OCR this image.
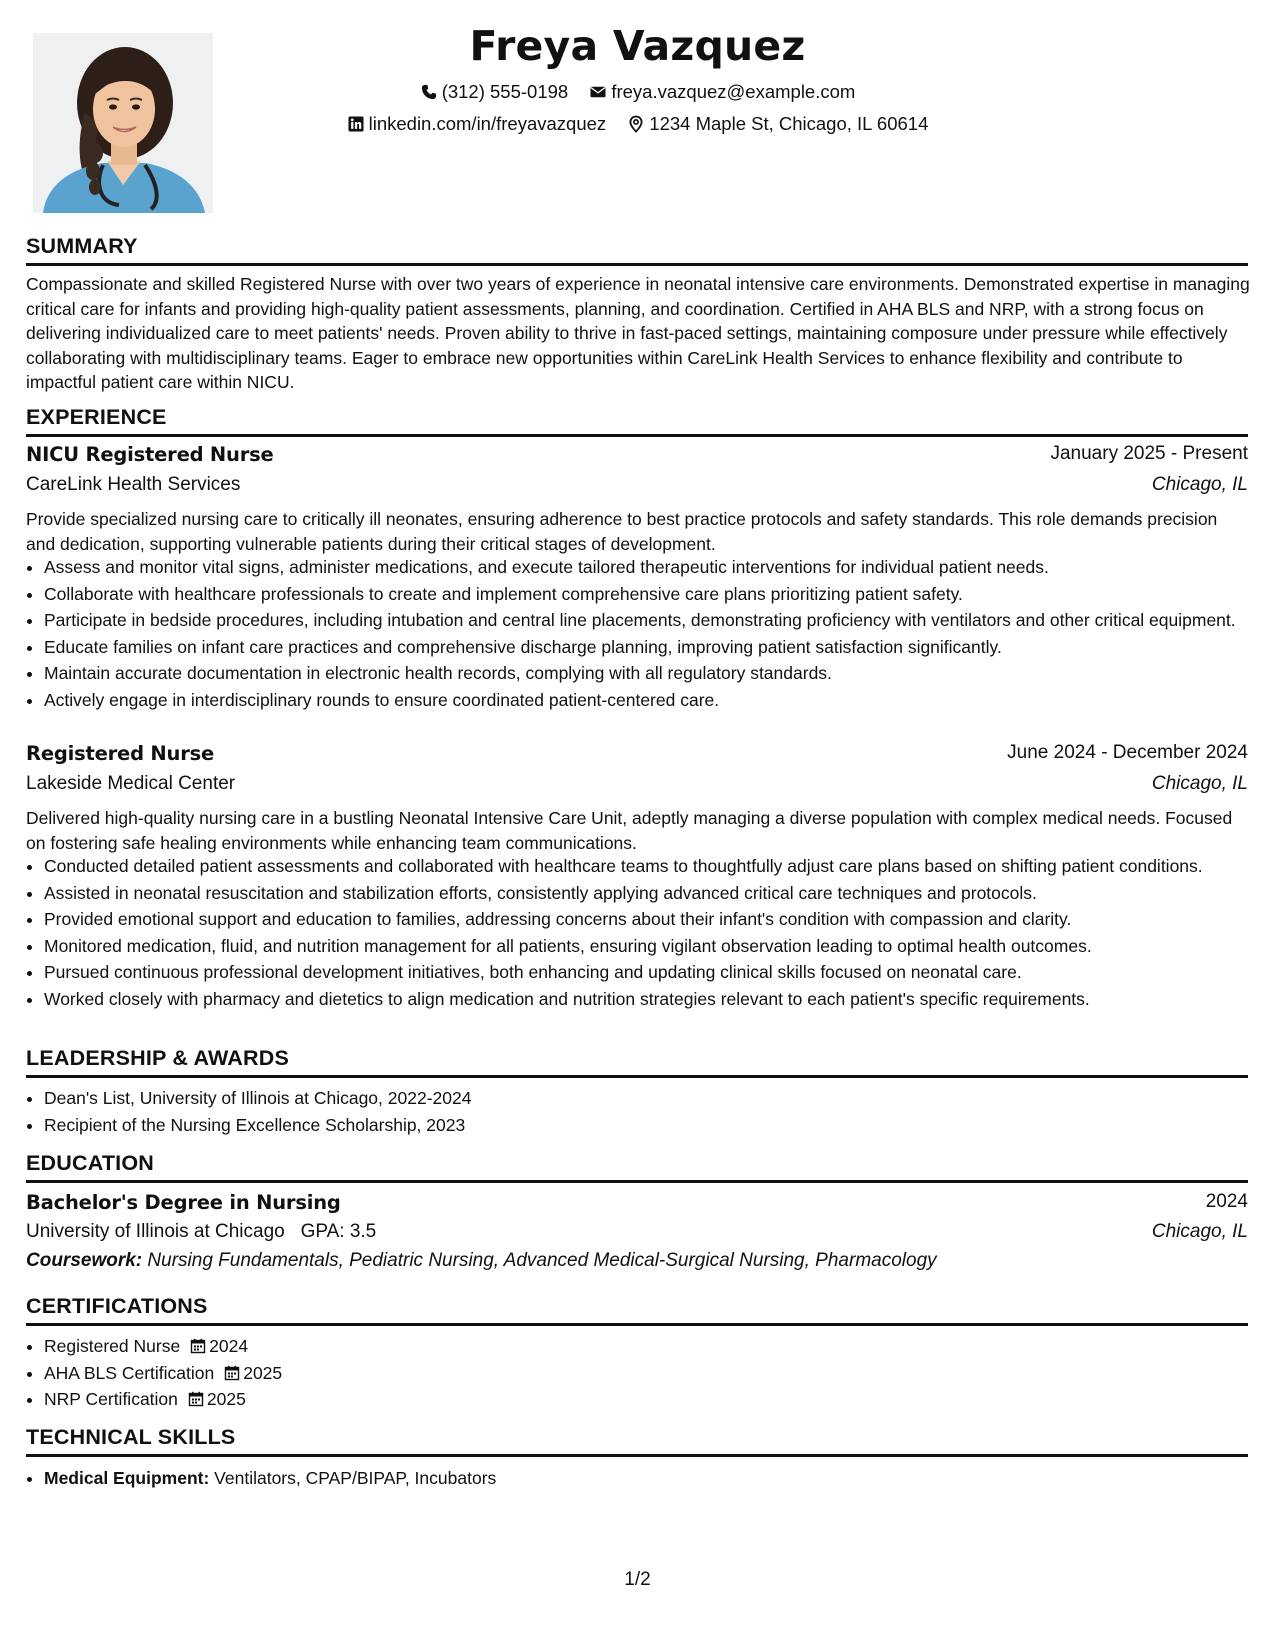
Freya Vazquez
(312) 555-0198
freya.vazquez@example.com
linkedin.com/in/freyavazquez
1234 Maple St, Chicago, IL 60614
SUMMARY

Compassionate and skilled Registered Nurse with over two years of experience in neonatal intensive care environments. Demonstrated expertise in managing critical care for infants and providing high-quality patient assessments, planning, and coordination. Certified in AHA BLS and NRP, with a strong focus on delivering individualized care to meet patients' needs. Proven ability to thrive in fast-paced settings, maintaining composure under pressure while effectively collaborating with multidisciplinary teams. Eager to embrace new opportunities within CareLink Health Services to enhance flexibility and contribute to impactful patient care within NICU.

EXPERIENCE
NICU Registered Nurse	January 2025 - Present
CareLink Health Services	Chicago, IL

Provide specialized nursing care to critically ill neonates, ensuring adherence to best practice protocols and safety standards. This role demands precision and dedication, supporting vulnerable patients during their critical stages of development.

• Assess and monitor vital signs, administer medications, and execute tailored therapeutic interventions for individual patient needs.
• Collaborate with healthcare professionals to create and implement comprehensive care plans prioritizing patient safety.
• Participate in bedside procedures, including intubation and central line placements, demonstrating proficiency with ventilators and other critical equipment.
• Educate families on infant care practices and comprehensive discharge planning, improving patient satisfaction significantly.
• Maintain accurate documentation in electronic health records, complying with all regulatory standards.
• Actively engage in interdisciplinary rounds to ensure coordinated patient-centered care.
Registered Nurse	June 2024 - December 2024
Lakeside Medical Center	Chicago, IL

Delivered high-quality nursing care in a bustling Neonatal Intensive Care Unit, adeptly managing a diverse population with complex medical needs. Focused on fostering safe healing environments while enhancing team communications.

• Conducted detailed patient assessments and collaborated with healthcare teams to thoughtfully adjust care plans based on shifting patient conditions.
• Assisted in neonatal resuscitation and stabilization efforts, consistently applying advanced critical care techniques and protocols.
• Provided emotional support and education to families, addressing concerns about their infant's condition with compassion and clarity.
• Monitored medication, fluid, and nutrition management for all patients, ensuring vigilant observation leading to optimal health outcomes.
• Pursued continuous professional development initiatives, both enhancing and updating clinical skills focused on neonatal care.
• Worked closely with pharmacy and dietetics to align medication and nutrition strategies relevant to each patient's specific requirements.
LEADERSHIP & AWARDS
• Dean's List, University of Illinois at Chicago, 2022-2024
• Recipient of the Nursing Excellence Scholarship, 2023
EDUCATION
Bachelor's Degree in Nursing	2024
University of Illinois at Chicago GPA: 3.5	Chicago, IL
Coursework: Nursing Fundamentals, Pediatric Nursing, Advanced Medical-Surgical Nursing, Pharmacology
CERTIFICATIONS
• Registered Nurse 2024
• AHA BLS Certification 2025
• NRP Certification 2025
TECHNICAL SKILLS
• Medical Equipment: Ventilators, CPAP/BIPAP, Incubators
1/2
